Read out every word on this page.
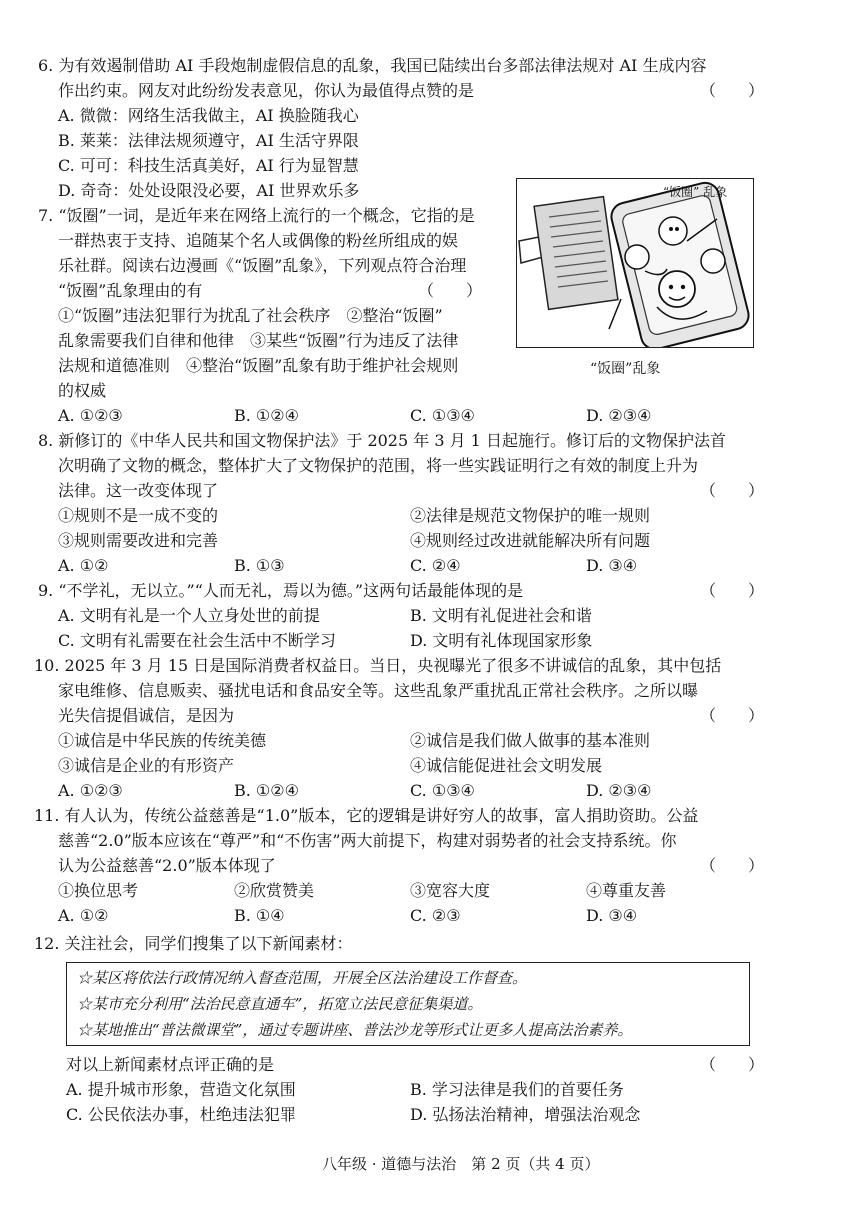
6. 为有效遏制借助 AI 手段炮制虚假信息的乱象，我国已陆续出台多部法律法规对 AI 生成内容
作出约束。网友对此纷纷发表意见，你认为最值得点赞的是	（　　）
A. 微微：网络生活我做主，AI 换脸随我心
B. 莱莱：法律法规须遵守，AI 生活守界限
C. 可可：科技生活真美好，AI 行为显智慧
D. 奇奇：处处设限没必要，AI 世界欢乐多
7. “饭圈”一词，是近年来在网络上流行的一个概念，它指的是
一群热衷于支持、追随某个名人或偶像的粉丝所组成的娱
乐社群。阅读右边漫画《“饭圈”乱象》，下列观点符合治理
“饭圈”乱象理由的有	（　　）
①“饭圈”违法犯罪行为扰乱了社会秩序　②整治“饭圈”
乱象需要我们自律和他律　③某些“饭圈”行为违反了法律
法规和道德准则　④整治“饭圈”乱象有助于维护社会规则
的权威
A. ①②③	B. ①②④	C. ①③④	D. ②③④
“饭圈” 乱象
“饭圈”乱象
8. 新修订的《中华人民共和国文物保护法》于 2025 年 3 月 1 日起施行。修订后的文物保护法首
次明确了文物的概念，整体扩大了文物保护的范围，将一些实践证明行之有效的制度上升为
法律。这一改变体现了	（　　）
①规则不是一成不变的	②法律是规范文物保护的唯一规则
③规则需要改进和完善	④规则经过改进就能解决所有问题
A. ①②	B. ①③	C. ②④	D. ③④
9. “不学礼，无以立。”“人而无礼，焉以为德。”这两句话最能体现的是	（　　）
A. 文明有礼是一个人立身处世的前提	B. 文明有礼促进社会和谐
C. 文明有礼需要在社会生活中不断学习	D. 文明有礼体现国家形象
10. 2025 年 3 月 15 日是国际消费者权益日。当日，央视曝光了很多不讲诚信的乱象，其中包括
家电维修、信息贩卖、骚扰电话和食品安全等。这些乱象严重扰乱正常社会秩序。之所以曝
光失信提倡诚信，是因为	（　　）
①诚信是中华民族的传统美德	②诚信是我们做人做事的基本准则
③诚信是企业的有形资产	④诚信能促进社会文明发展
A. ①②③	B. ①②④	C. ①③④	D. ②③④
11. 有人认为，传统公益慈善是“1.0”版本，它的逻辑是讲好穷人的故事，富人捐助资助。公益
慈善“2.0”版本应该在“尊严”和“不伤害”两大前提下，构建对弱势者的社会支持系统。你
认为公益慈善“2.0”版本体现了	（　　）
①换位思考	②欣赏赞美	③宽容大度	④尊重友善
A. ①②	B. ①④	C. ②③	D. ③④
12. 关注社会，同学们搜集了以下新闻素材：
☆某区将依法行政情况纳入督查范围，开展全区法治建设工作督查。
☆某市充分利用“法治民意直通车”，拓宽立法民意征集渠道。
☆某地推出“普法微课堂”，通过专题讲座、普法沙龙等形式让更多人提高法治素养。
对以上新闻素材点评正确的是	（　　）
A. 提升城市形象，营造文化氛围	B. 学习法律是我们的首要任务
C. 公民依法办事，杜绝违法犯罪	D. 弘扬法治精神，增强法治观念
八年级 · 道德与法治　第 2 页（共 4 页）
